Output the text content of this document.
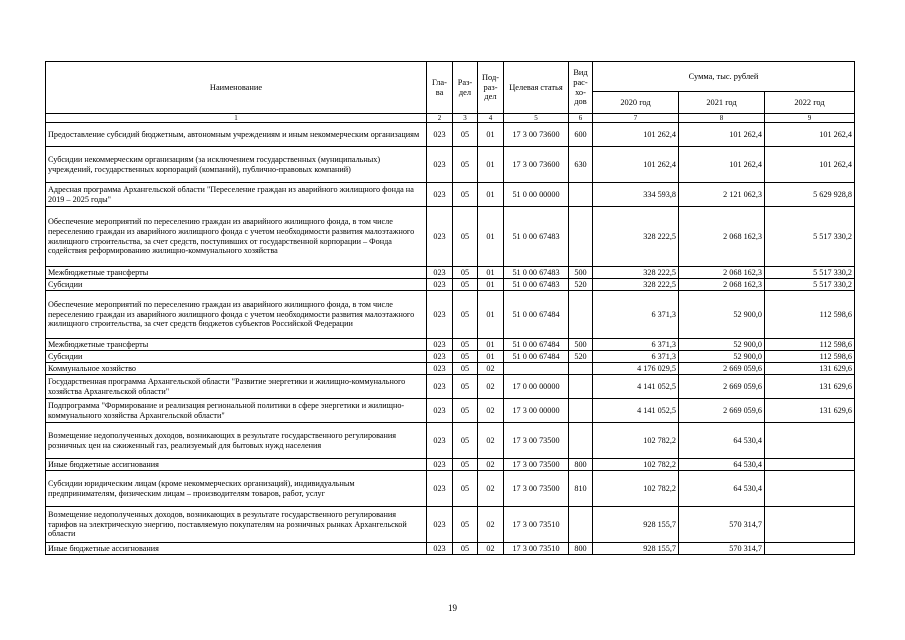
Наименование	Гла-ва	Раз-дел	Под-раз-дел	Целевая статья	Вид рас-хо-дов	Сумма, тыс. рублей		
						2020 год	2021 год	2022 год
1	2	3	4	5	6	7	8	9
Предоставление субсидий бюджетным, автономным учреждениям и иным некоммерческим организациям	023	05	01	17 3 00 73600	600	101 262,4	101 262,4	101 262,4
Субсидии некоммерческим организациям (за исключением государственных (муниципальных) учреждений, государственных корпораций (компаний), публично-правовых компаний)	023	05	01	17 3 00 73600	630	101 262,4	101 262,4	101 262,4
Адресная программа Архангельской области "Переселение граждан из аварийного жилищного фонда на 2019 – 2025 годы"	023	05	01	51 0 00 00000		334 593,8	2 121 062,3	5 629 928,8
Обеспечение мероприятий по переселению граждан из аварийного жилищного фонда, в том числе переселению граждан из аварийного жилищного фонда с учетом необходимости развития малоэтажного жилищного строительства, за счет средств, поступивших от государственной корпорации – Фонда содействия реформированию жилищно-коммунального хозяйства	023	05	01	51 0 00 67483		328 222,5	2 068 162,3	5 517 330,2
Межбюджетные трансферты	023	05	01	51 0 00 67483	500	328 222,5	2 068 162,3	5 517 330,2
Субсидии	023	05	01	51 0 00 67483	520	328 222,5	2 068 162,3	5 517 330,2
Обеспечение мероприятий по переселению граждан из аварийного жилищного фонда, в том числе переселению граждан из аварийного жилищного фонда с учетом необходимости развития малоэтажного жилищного строительства, за счет средств бюджетов субъектов Российской Федерации	023	05	01	51 0 00 67484		6 371,3	52 900,0	112 598,6
Межбюджетные трансферты	023	05	01	51 0 00 67484	500	6 371,3	52 900,0	112 598,6
Субсидии	023	05	01	51 0 00 67484	520	6 371,3	52 900,0	112 598,6
Коммунальное хозяйство	023	05	02			4 176 029,5	2 669 059,6	131 629,6
Государственная программа Архангельской области "Развитие энергетики и жилищно-коммунального хозяйства Архангельской области"	023	05	02	17 0 00 00000		4 141 052,5	2 669 059,6	131 629,6
Подпрограмма "Формирование и реализация региональной политики в сфере энергетики и жилищно-коммунального хозяйства Архангельской области"	023	05	02	17 3 00 00000		4 141 052,5	2 669 059,6	131 629,6
Возмещение недополученных доходов, возникающих в результате государственного регулирования розничных цен на сжиженный газ, реализуемый для бытовых нужд населения	023	05	02	17 3 00 73500		102 782,2	64 530,4	
Иные бюджетные ассигнования	023	05	02	17 3 00 73500	800	102 782,2	64 530,4	
Субсидии юридическим лицам (кроме некоммерческих организаций), индивидуальным предпринимателям, физическим лицам – производителям товаров, работ, услуг	023	05	02	17 3 00 73500	810	102 782,2	64 530,4	
Возмещение недополученных доходов, возникающих в результате государственного регулирования тарифов на электрическую энергию, поставляемую покупателям на розничных рынках Архангельской области	023	05	02	17 3 00 73510		928 155,7	570 314,7	
Иные бюджетные ассигнования	023	05	02	17 3 00 73510	800	928 155,7	570 314,7	
19
